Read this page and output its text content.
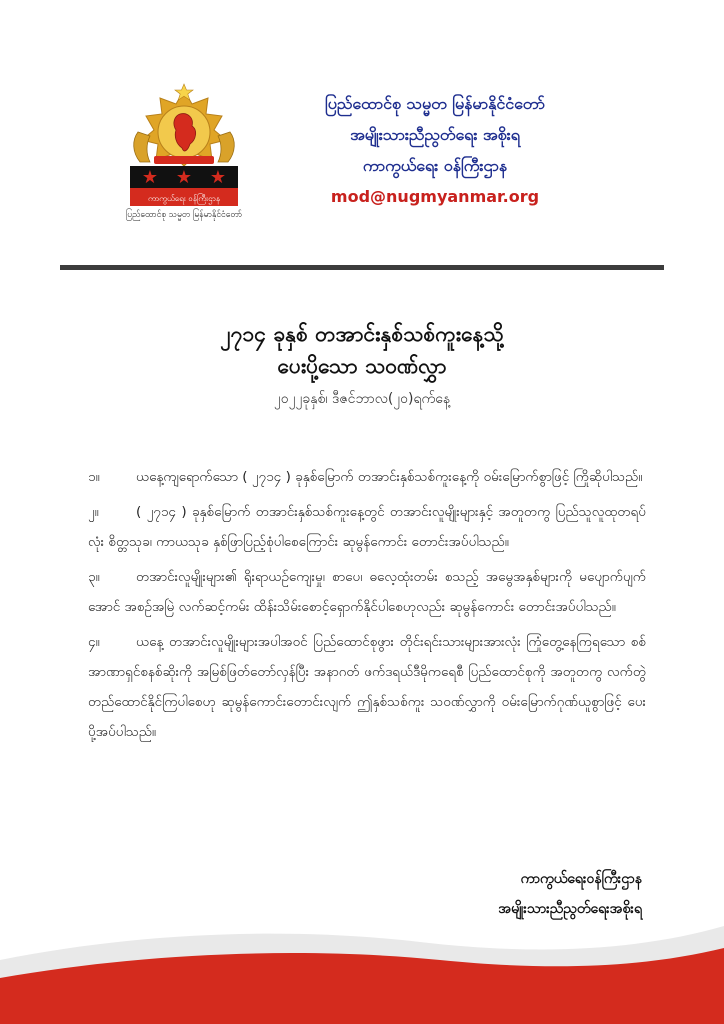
★ ★ ★
ကာကွယ်ရေး ဝန်ကြီးဌာန
ပြည်ထောင်စု သမ္မတ မြန်မာနိုင်ငံတော်
ပြည်ထောင်စု သမ္မတ မြန်မာနိုင်ငံတော်
အမျိုးသားညီညွတ်ရေး အစိုးရ
ကာကွယ်ရေး ဝန်ကြီးဌာန
mod@nugmyanmar.org
၂၇၁၄ ခုနှစ် တအာင်းနှစ်သစ်ကူးနေ့သို့
ပေးပို့သော သဝဏ်လွှာ
၂၀၂၂ခုနှစ်၊ ဒီဇင်ဘာလ(၂၀)ရက်နေ့

၁။	ယနေ့ကျရောက်သော ( ၂၇၁၄ ) ခုနှစ်မြောက် တအာင်းနှစ်သစ်ကူးနေ့ကို ဝမ်းမြောက်စွာဖြင့် ကြိုဆိုပါသည်။

၂။	( ၂၇၁၄ ) ခုနှစ်မြောက် တအာင်းနှစ်သစ်ကူးနေ့တွင် တအာင်းလူမျိုးများနှင့် အတူတကွ ပြည်သူလူထုတရပ်လုံး စိတ္တသုခ၊ ကာယသုခ နှစ်ဖြာပြည့်စုံပါစေကြောင်း ဆုမွန်ကောင်း တောင်းအပ်ပါသည်။

၃။	တအာင်းလူမျိုးများ၏ ရိုးရာယဉ်ကျေးမှု၊ စာပေ၊ ဓလေ့ထုံးတမ်း စသည့် အမွေအနှစ်များကို မပျောက်ပျက်အောင် အစဉ်အမြဲ လက်ဆင့်ကမ်း ထိန်းသိမ်းစောင့်ရှောက်နိုင်ပါစေဟုလည်း ဆုမွန်ကောင်း တောင်းအပ်ပါသည်။

၄။	ယနေ့ တအာင်းလူမျိုးများအပါအဝင် ပြည်ထောင်စုဖွား တိုင်းရင်းသားများအားလုံး ကြုံတွေ့နေကြရသော စစ်အာဏာရှင်စနစ်ဆိုးကို အမြစ်ဖြတ်တော်လှန်ပြီး အနာဂတ် ဖက်ဒရယ်ဒီမိုကရေစီ ပြည်ထောင်စုကို အတူတကွ လက်တွဲတည်ထောင်နိုင်ကြပါစေဟု ဆုမွန်ကောင်းတောင်းလျက် ဤနှစ်သစ်ကူး သဝဏ်လွှာကို ဝမ်းမြောက်ဂုဏ်ယူစွာဖြင့် ပေးပို့အပ်ပါသည်။

ကာကွယ်ရေးဝန်ကြီးဌာန
အမျိုးသားညီညွတ်ရေးအစိုးရ
